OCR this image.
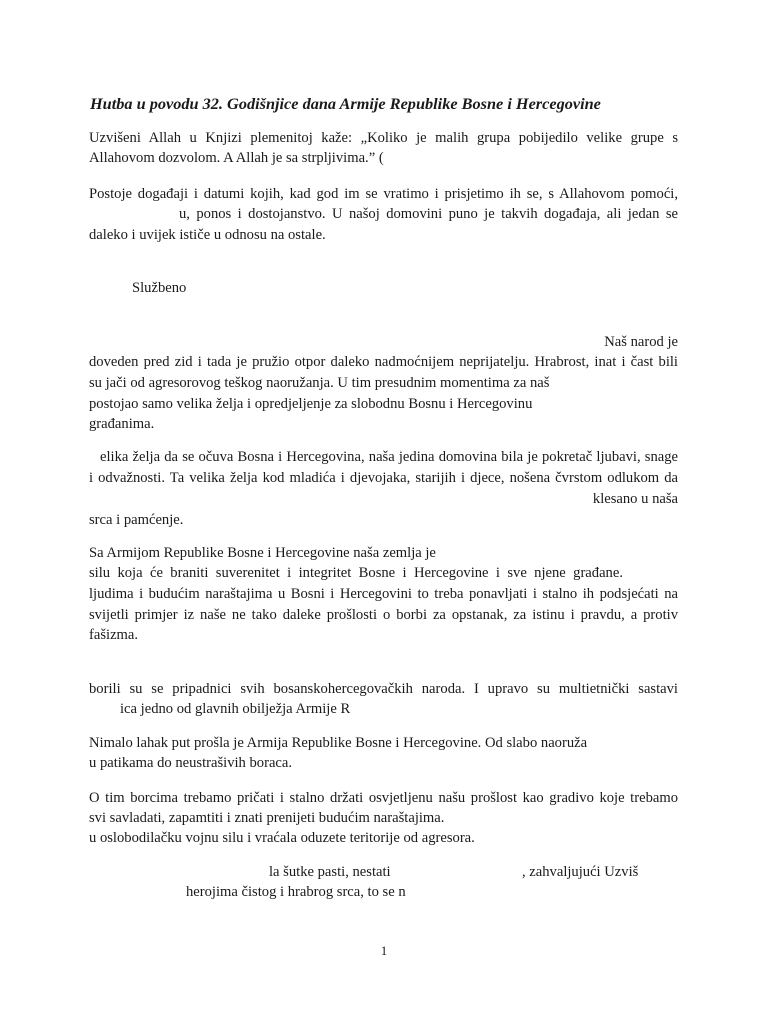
Hutba u povodu 32. Godišnjice dana Armije Republike Bosne i Hercegovine
Uzvišeni Allah u Knjizi plemenitoj kaže: „Koliko je malih grupa pobijedilo velike grupe s
Allahovom dozvolom. A Allah je sa strpljivima.” (
Postoje događaji i datumi kojih, kad god im se vratimo i prisjetimo ih se, s Allahovom pomoći,
u, ponos i dostojanstvo. U našoj domovini puno je takvih događaja, ali jedan se
daleko i uvijek ističe u odnosu na ostale.
Službeno
Naš narod je
doveden pred zid i tada je pružio otpor daleko nadmoćnijem neprijatelju. Hrabrost, inat i čast bili
su jači od agresorovog teškog naoružanja. U tim presudnim momentima za naš
postojao samo velika želja i opredjeljenje za slobodnu Bosnu i Hercegovinu
građanima.
elika želja da se očuva Bosna i Hercegovina, naša jedina domovina bila je pokretač ljubavi, snage
i odvažnosti. Ta velika želja kod mladića i djevojaka, starijih i djece, nošena čvrstom odlukom da
klesano u naša
srca i pamćenje.
Sa Armijom Republike Bosne i Hercegovine naša zemlja je
silu koja će braniti suverenitet i integritet Bosne i Hercegovine i sve njene građane.
ljudima i budućim naraštajima u Bosni i Hercegovini to treba ponavljati i stalno ih podsjećati na
svijetli primjer iz naše ne tako daleke prošlosti o borbi za opstanak, za istinu i pravdu, a protiv
fašizma.
borili su se pripadnici svih bosanskohercegovačkih naroda. I upravo su multietnički sastavi
ica jedno od glavnih obilježja Armije R
Nimalo lahak put prošla je Armija Republike Bosne i Hercegovine. Od slabo naoruža
u patikama do neustrašivih boraca.
O tim borcima trebamo pričati i stalno držati osvjetljenu našu prošlost kao gradivo koje trebamo
svi savladati, zapamtiti i znati prenijeti budućim naraštajima.
u oslobodilačku vojnu silu i vraćala oduzete teritorije od agresora.
la šutke pasti, nestati	, zahvaljujući Uzviš
herojima čistog i hrabrog srca, to se n
1
